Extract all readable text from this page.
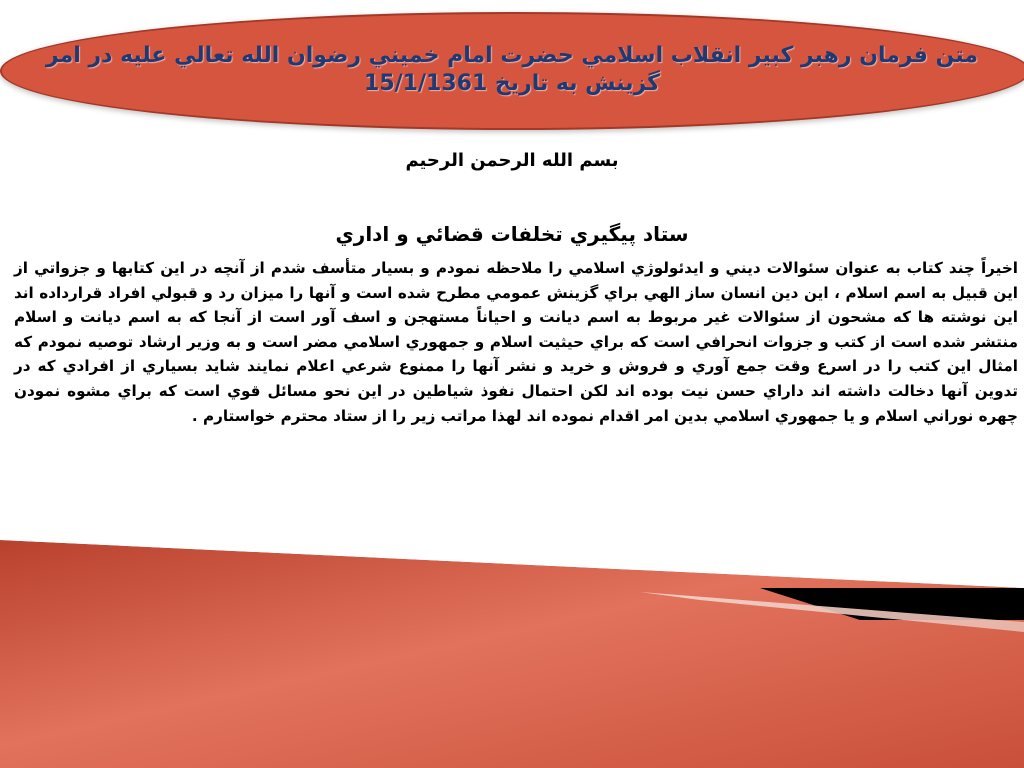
متن فرمان رهبر کبیر انقلاب اسلامي حضرت امام خميني رضوان الله تعالي عليه در امر
گزينش به تاريخ 15/1/1361
بسم الله الرحمن الرحيم
ستاد پيگيري تخلفات قضائي و اداري
اخيراً چند كتاب به عنوان سئوالات ديني و ايدئولوژي اسلامي را ملاحظه نمودم و بسيار متأسف شدم از آنچه در اين كتابها و جزواتي از اين قبيل به اسم اسلام ، اين دين انسان ساز الهي براي گزينش عمومي مطرح شده است و آنها را ميزان رد و قبولي افراد قرارداده اند اين نوشته ها كه مشحون از سئوالات غير مربوط به اسم ديانت و احياناً مستهجن و اسف آور است از آنجا كه به اسم ديانت و اسلام منتشر شده است از كتب و جزوات انحرافي است كه براي حيثيت اسلام و جمهوري اسلامي مضر است و به وزير ارشاد توصيه نمودم كه امثال اين كتب را در اسرع وقت جمع آوري و فروش و خريد و نشر آنها را ممنوع شرعي اعلام نمايند شايد بسياري از افرادي كه در تدوين آنها دخالت داشته اند داراي حسن نيت بوده اند لكن احتمال نفوذ شياطين در اين نحو مسائل قوي است كه براي مشوه نمودن چهره نوراني اسلام و يا جمهوري اسلامي بدين امر اقدام نموده اند لهذا مراتب زير را از ستاد محترم خواستارم .
